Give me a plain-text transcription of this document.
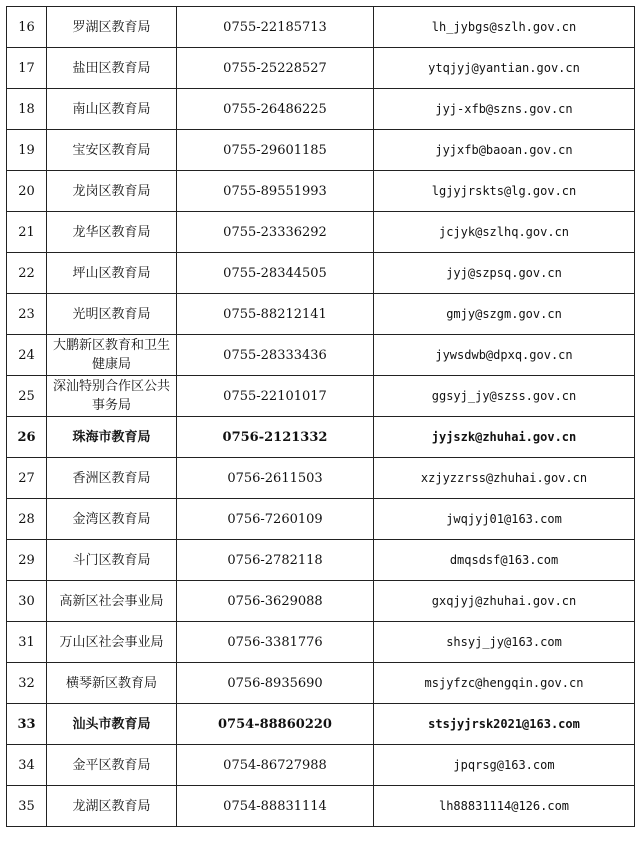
16	罗湖区教育局	0755-22185713	lh_jybgs@szlh.gov.cn
17	盐田区教育局	0755-25228527	ytqjyj@yantian.gov.cn
18	南山区教育局	0755-26486225	jyj-xfb@szns.gov.cn
19	宝安区教育局	0755-29601185	jyjxfb@baoan.gov.cn
20	龙岗区教育局	0755-89551993	lgjyjrskts@lg.gov.cn
21	龙华区教育局	0755-23336292	jcjyk@szlhq.gov.cn
22	坪山区教育局	0755-28344505	jyj@szpsq.gov.cn
23	光明区教育局	0755-88212141	gmjy@szgm.gov.cn
24	大鹏新区教育和卫生健康局	0755-28333436	jywsdwb@dpxq.gov.cn
25	深汕特别合作区公共事务局	0755-22101017	ggsyj_jy@szss.gov.cn
26	珠海市教育局	0756-2121332	jyjszk@zhuhai.gov.cn
27	香洲区教育局	0756-2611503	xzjyzzrss@zhuhai.gov.cn
28	金湾区教育局	0756-7260109	jwqjyj01@163.com
29	斗门区教育局	0756-2782118	dmqsdsf@163.com
30	高新区社会事业局	0756-3629088	gxqjyj@zhuhai.gov.cn
31	万山区社会事业局	0756-3381776	shsyj_jy@163.com
32	横琴新区教育局	0756-8935690	msjyfzc@hengqin.gov.cn
33	汕头市教育局	0754-88860220	stsjyjrsk2021@163.com
34	金平区教育局	0754-86727988	jpqrsg@163.com
35	龙湖区教育局	0754-88831114	lh88831114@126.com
